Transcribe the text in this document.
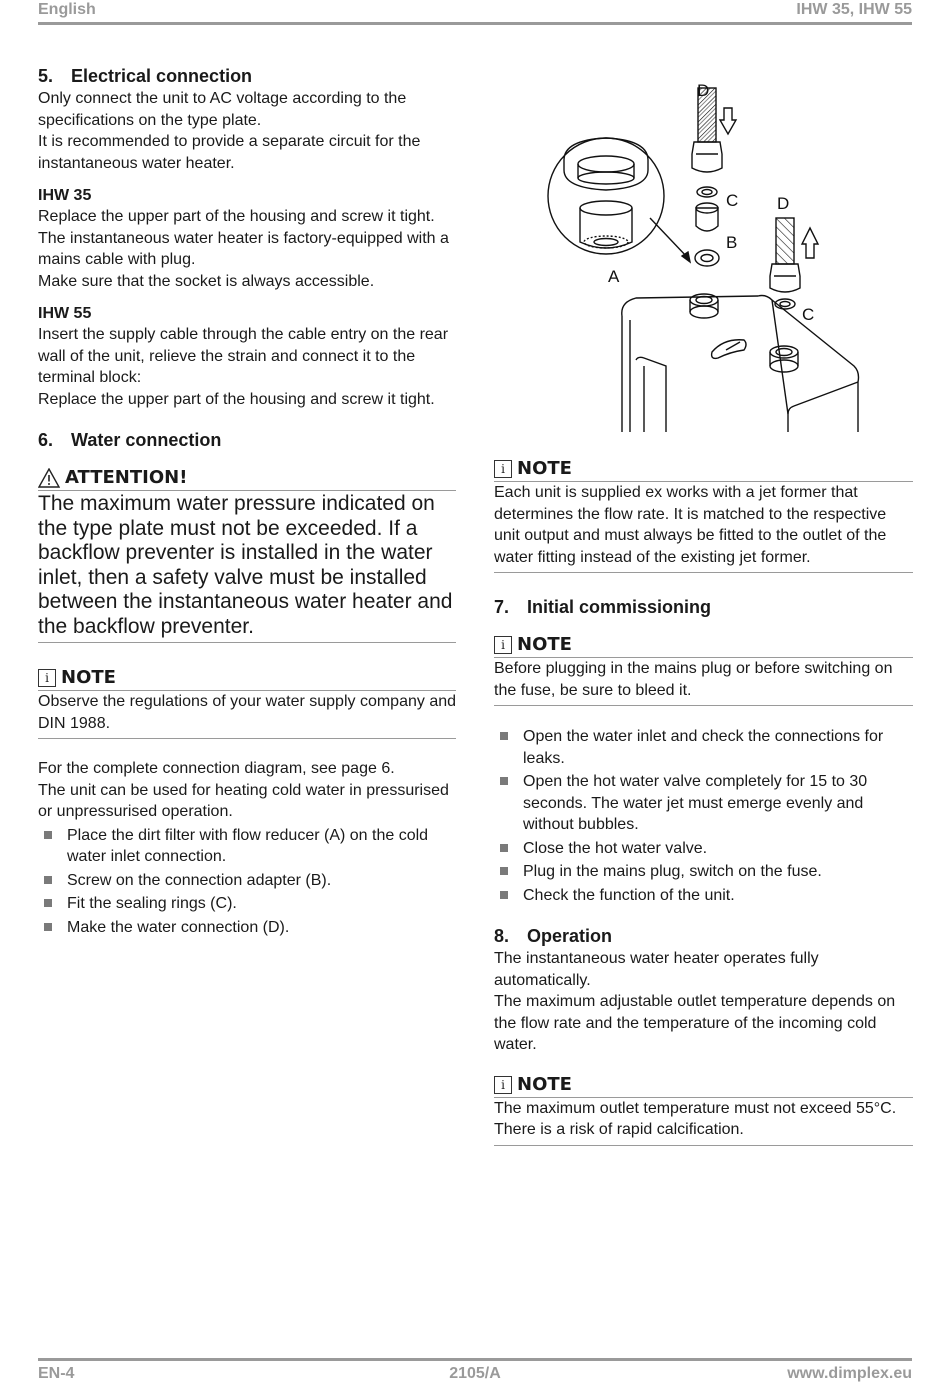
English	IHW 35, IHW 55
5. Electrical connection

Only connect the unit to AC voltage according to the specifications on the type plate.

It is recommended to provide a separate circuit for the instantaneous water heater.

IHW 35

Replace the upper part of the housing and screw it tight. The instantaneous water heater is factory-equipped with a mains cable with plug.

Make sure that the socket is always accessible.

IHW 55

Insert the supply cable through the cable entry on the rear wall of the unit, relieve the strain and connect it to the terminal block:

Replace the upper part of the housing and screw it tight.

6. Water connection
ATTENTION!
The maximum water pressure indicated on the type plate must not be exceeded. If a backflow preventer is installed in the water inlet, then a safety valve must be installed between the instantaneous water heater and the backflow preventer.
i NOTE
Observe the regulations of your water supply company and DIN 1988.

For the complete connection diagram, see page 6.

The unit can be used for heating cold water in pressurised or unpressurised operation.

Place the dirt filter with flow reducer (A) on the cold water inlet connection.
Screw on the connection adapter (B).
Fit the sealing rings (C).
Make the water connection (D).
D
C
B
A
D
C
i NOTE
Each unit is supplied ex works with a jet former that determines the flow rate. It is matched to the respective unit output and must always be fitted to the outlet of the water fitting instead of the existing jet former.
7. Initial commissioning
i NOTE
Before plugging in the mains plug or before switching on the fuse, be sure to bleed it.
Open the water inlet and check the connections for leaks.
Open the hot water valve completely for 15 to 30 seconds. The water jet must emerge evenly and without bubbles.
Close the hot water valve.
Plug in the mains plug, switch on the fuse.
Check the function of the unit.
8. Operation

The instantaneous water heater operates fully automatically.

The maximum adjustable outlet temperature depends on the flow rate and the temperature of the incoming cold water.

i NOTE
The maximum outlet temperature must not exceed 55°C. There is a risk of rapid calcification.
EN-4	2105/A	www.dimplex.eu
